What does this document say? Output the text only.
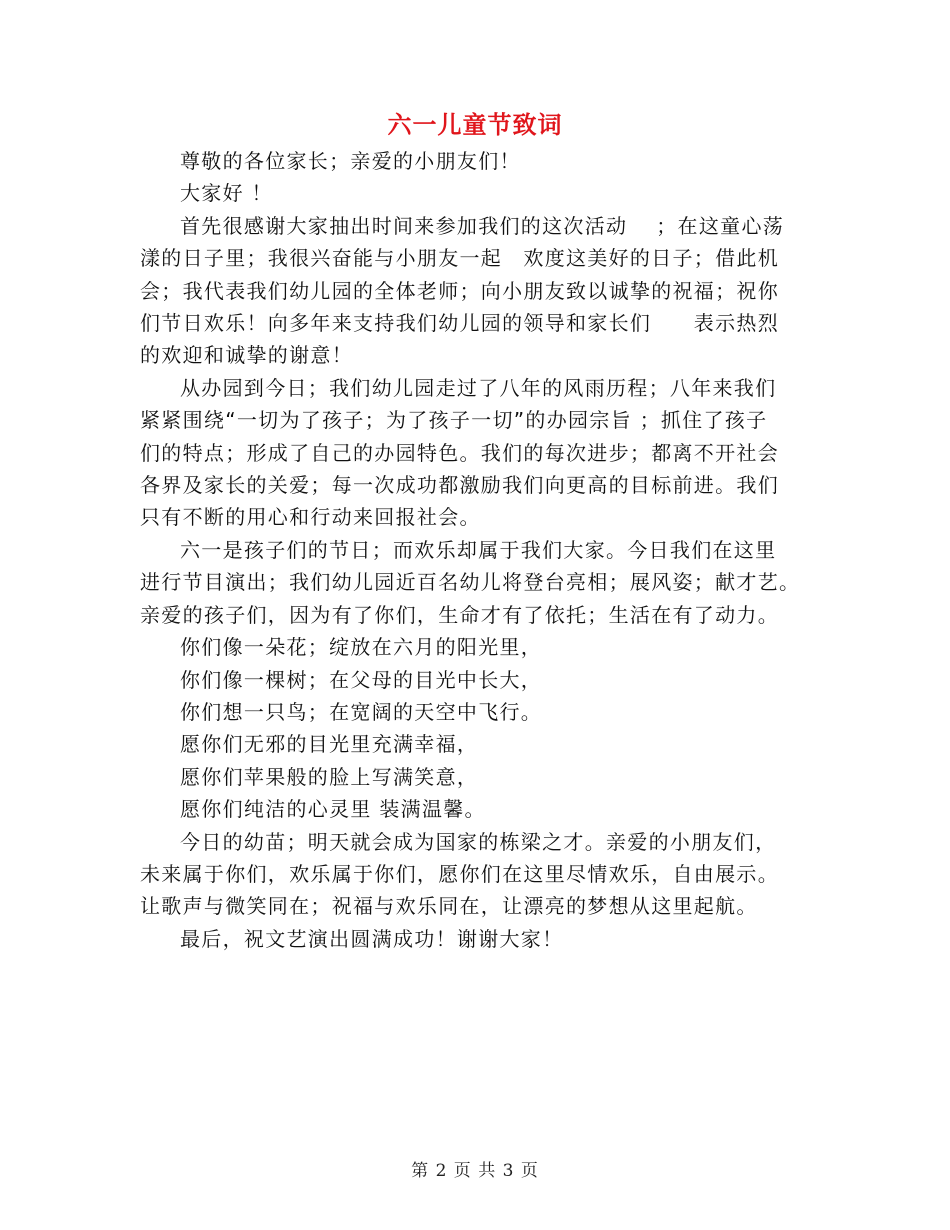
六一儿童节致词

尊敬的各位家长；亲爱的小朋友们！

大家好 ！

首先很感谢大家抽出时间来参加我们的这次活动　 ；在这童心荡
漾的日子里；我很兴奋能与小朋友一起　欢度这美好的日子；借此机
会；我代表我们幼儿园的全体老师；向小朋友致以诚挚的祝福；祝你
们节日欢乐！向多年来支持我们幼儿园的领导和家长们　　表示热烈
的欢迎和诚挚的谢意！
从办园到今日；我们幼儿园走过了八年的风雨历程；八年来我们
紧紧围绕“一切为了孩子；为了孩子一切”的办园宗旨 ；抓住了孩子
们的特点；形成了自己的办园特色。我们的每次进步；都离不开社会
各界及家长的关爱；每一次成功都激励我们向更高的目标前进。我们
只有不断的用心和行动来回报社会。
六一是孩子们的节日；而欢乐却属于我们大家。今日我们在这里
进行节目演出；我们幼儿园近百名幼儿将登台亮相；展风姿；献才艺。
亲爱的孩子们，因为有了你们，生命才有了依托；生活在有了动力。
你们像一朵花；绽放在六月的阳光里，
你们像一棵树；在父母的目光中长大，
你们想一只鸟；在宽阔的天空中飞行。
愿你们无邪的目光里充满幸福，
愿你们苹果般的脸上写满笑意，
愿你们纯洁的心灵里 装满温馨。
今日的幼苗；明天就会成为国家的栋梁之才。亲爱的小朋友们，
未来属于你们，欢乐属于你们，愿你们在这里尽情欢乐，自由展示。
让歌声与微笑同在；祝福与欢乐同在，让漂亮的梦想从这里起航。

最后，祝文艺演出圆满成功！谢谢大家！

第 2 页 共 3 页
